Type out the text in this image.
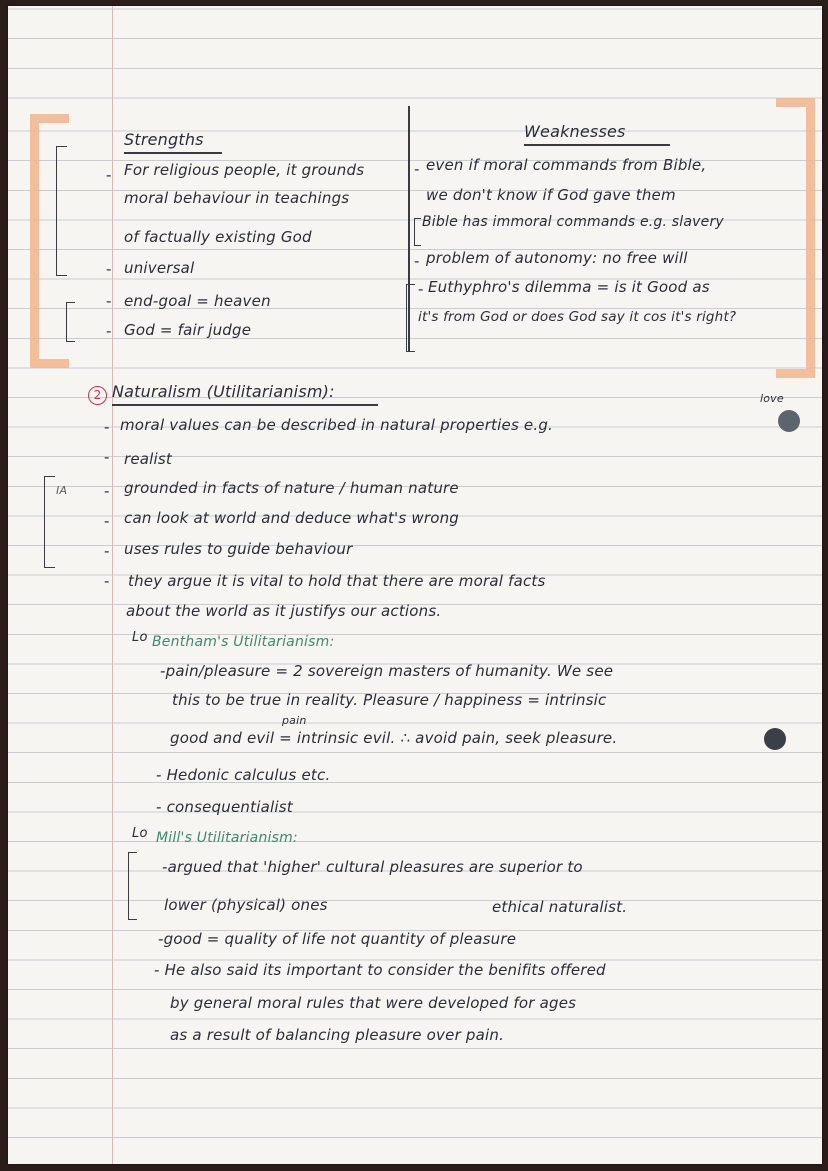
Strengths	Weaknesses
- For religious people, it grounds
moral behaviour in teachings
of factually existing God
- universal
- end-goal = heaven
- God = fair judge
- even if moral commands from Bible,
we don't know if God gave them
Bible has immoral commands e.g. slavery
- problem of autonomy: no free will
- Euthyphro's dilemma = is it Good as
it's from God or does God say it cos it's right?
2 Naturalism (Utilitarianism):	love
- moral values can be described in natural properties e.g.
- realist
IA - grounded in facts of nature / human nature
- can look at world and deduce what's wrong
- uses rules to guide behaviour
- they argue it is vital to hold that there are moral facts
about the world as it justifys our actions.
Lo Bentham's Utilitarianism:
-pain/pleasure = 2 sovereign masters of humanity. We see
this to be true in reality. Pleasure / happiness = intrinsic
pain
good and evil = intrinsic evil. ∴ avoid pain, seek pleasure.
- Hedonic calculus etc.
- consequentialist
Lo Mill's Utilitarianism:
-argued that 'higher' cultural pleasures are superior to
lower (physical) ones	ethical naturalist.
-good = quality of life not quantity of pleasure
- He also said its important to consider the benifits offered
by general moral rules that were developed for ages
as a result of balancing pleasure over pain.
